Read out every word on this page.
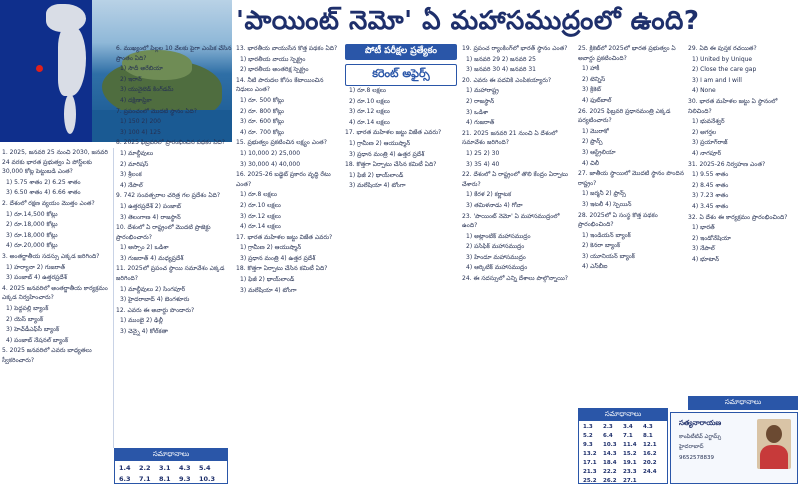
'పాయింట్ నెమో' ఏ మహాసముద్రంలో ఉంది?

1. 2025, జనవరి 25 నుంచి 2030, జనవరి 24 వరకు భారత ప్రభుత్వం ఏ పోస్ట్‌లకు 30,000 కోట్ల పెట్టుబడి ఎంత?

1) 5.75 శాతం 2) 6.25 శాతం

3) 6.50 శాతం 4) 6.66 శాతం

2. దేశంలో రక్షణ వ్యయం మొత్తం ఎంత?

1) రూ.14,500 కోట్లు

2) రూ.18,000 కోట్లు

3) రూ.18,000 కోట్లు

4) రూ.20,000 కోట్లు

3. అంతర్జాతీయ సదస్సు ఎక్కడ జరిగింది?

1) హర్యానా 2) గుజరాత్

3) పంజాబ్ 4) ఉత్తరప్రదేశ్

4. 2025 జనవరిలో అంతర్జాతీయ కార్యక్రమం ఎక్కడ నిర్వహించారు?

1) పెద్దపల్లి బ్యాంక్

2) యెస్ బ్యాంక్

3) హెచ్‌డీఎఫ్‌సీ బ్యాంక్

4) పంజాబ్ నేషనల్ బ్యాంక్

5. 2025 జనవరిలో ఎవరు బాధ్యతలు స్వీకరించారు?

సమాధానాలు
1.4 2.2 3.1 4.3 5.46.3 7.1 8.1 9.3 10.3

6. ముఖ్యంలో పిల్లల 10 వేలకు పైగా ఎంపిక చేసిన ప్రాంతం ఏది?

1) సౌదీ అరేబియా

2) ఇరాన్

3) యునైటెడ్ కింగ్‌డమ్

4) దక్షిణాఫ్రికా

7. ప్రపంచంలో మొదటి స్థానం ఏది?

1) 150 2) 200

3) 100 4) 125

8. 2025 ఫిబ్రవరిలో ప్రారంభించిన పథకం ఏది?

1) మాల్దీవులు

2) మారిషస్

3) శ్రీలంక

4) నేపాల్

9. 742 సంవత్సరాల చరిత్ర గల ప్రదేశం ఏది?

1) ఉత్తరప్రదేశ్ 2) పంజాబ్

3) తెలంగాణ 4) రాజస్థాన్

10. దేశంలో ఏ రాష్ట్రంలో మొదటి ప్రాజెక్టు ప్రారంభించారు?

1) అస్సాం 2) ఒడిశా

3) గుజరాత్ 4) మధ్యప్రదేశ్

11. 2025లో ప్రపంచ స్థాయి సమావేశం ఎక్కడ జరిగింది?

1) మాల్దీవులు 2) సింగపూర్

3) హైదరాబాద్ 4) బెంగళూరు

12. ఎవరు ఈ అవార్డు పొందారు?

1) ముంబై 2) ఢిల్లీ

3) చెన్నై 4) కోల్‌కతా

పోటీ పరీక్షల ప్రత్యేకం
కరెంట్ అఫైర్స్

13. భారతీయ వాయుసేన కొత్త పథకం ఏది?

1) భారతీయ వాయు స్పెక్ట్రం

2) భారతీయ అంతరిక్ష స్పెక్ట్రం

14. నీటి పారుదల కోసం కేటాయించిన నిధులు ఎంత?

1) రూ. 500 కోట్లు

2) రూ. 800 కోట్లు

3) రూ. 600 కోట్లు

4) రూ. 700 కోట్లు

15. ప్రభుత్వం ప్రకటించిన లక్ష్యం ఎంత?

1) 10,000 2) 25,000

3) 30,000 4) 40,000

16. 2025-26 బడ్జెట్ ప్రకారం వృద్ధి రేటు ఎంత?

1) రూ.8 లక్షలు

2) రూ.10 లక్షలు

3) రూ.12 లక్షలు

4) రూ.14 లక్షలు

17. భారత మహిళల జట్టు విజేత ఎవరు?

1) గ్రామీణ 2) ఆయుష్మాన్

3) ప్రధాన మంత్రి 4) ఉత్తర ప్రదేశ్

18. కొత్తగా ఏర్పాటు చేసిన కమిటీ ఏది?

1) ఫిజీ 2) థాయ్‌లాండ్

3) మలేషియా 4) టోంగా

1) రూ.8 లక్షలు

2) రూ.10 లక్షలు

3) రూ.12 లక్షలు

4) రూ.14 లక్షలు

17. భారత మహిళల జట్టు విజేత ఎవరు?

1) గ్రామీణ 2) ఆయుష్మాన్

3) ప్రధాన మంత్రి 4) ఉత్తర ప్రదేశ్

18. కొత్తగా ఏర్పాటు చేసిన కమిటీ ఏది?

1) ఫిజీ 2) థాయ్‌లాండ్

3) మలేషియా 4) టోంగా

19. ప్రపంచ ర్యాంకింగ్‌లో భారత్ స్థానం ఎంత?

1) జనవరి 29 2) జనవరి 25

3) జనవరి 30 4) జనవరి 31

20. ఎవరు ఈ పదవికి ఎంపికయ్యారు?

1) మహారాష్ట్ర

2) రాజస్థాన్

3) ఒడిశా

4) గుజరాత్

21. 2025 జనవరి 21 నుంచి ఏ దేశంలో సమావేశం జరిగింది?

1) 25 2) 30

3) 35 4) 40

22. దేశంలో ఏ రాష్ట్రంలో తొలి కేంద్రం ఏర్పాటు చేశారు?

1) కేరళ 2) కర్ణాటక

3) తమిళనాడు 4) గోవా

23. 'పాయింట్ నెమో' ఏ మహాసముద్రంలో ఉంది?

1) అట్లాంటిక్ మహాసముద్రం

2) పసిఫిక్ మహాసముద్రం

3) హిందూ మహాసముద్రం

4) ఆర్కిటిక్ మహాసముద్రం

24. ఈ సదస్సులో ఎన్ని దేశాలు పాల్గొన్నాయి?

25. క్రికెట్‌లో 2025లో భారత ప్రభుత్వం ఏ అవార్డు ప్రకటించింది?

1) హాకీ

2) టెన్నిస్

3) క్రికెట్

4) ఫుట్‌బాల్

26. 2025 ఫిబ్రవరి ప్రధానమంత్రి ఎక్కడ పర్యటించారు?

1) మొరాకో

2) ఫ్రాన్స్

3) ఆస్ట్రేలియా

4) చిలీ

27. జాతీయ స్థాయిలో మొదటి స్థానం పొందిన రాష్ట్రం?

1) జర్మనీ 2) ఫ్రాన్స్

3) ఇటలీ 4) స్పెయిన్

28. 2025లో ఏ సంస్థ కొత్త పథకం ప్రారంభించింది?

1) ఇండియన్ బ్యాంక్

2) కెనరా బ్యాంక్

3) యూనియన్ బ్యాంక్

4) ఎస్‌బీఐ

సమాధానాలు
1.3 2.3 3.4 4.35.2 6.4 7.1 8.19.3 10.3 11.4 12.113.2 14.3 15.2 16.217.1 18.4 19.1 20.221.3 22.2 23.3 24.425.2 26.2 27.1

29. ఏది ఈ పుస్తక రచయిత?

1) United by Unique

2) Close the care gap

3) I am and I will

4) None

30. భారత మహిళల జట్టు ఏ స్థానంలో నిలిచింది?

1) భువనేశ్వర్

2) అగర్తల

3) ప్రయాగ్‌రాజ్

4) నాగపూర్

31. 2025-26 నిర్వహణ ఎంత?

1) 9.55 శాతం

2) 8.45 శాతం

3) 7.23 శాతం

4) 3.45 శాతం

32. ఏ దేశం ఈ కార్యక్రమం ప్రారంభించింది?

1) భారత్

2) ఇండోనేషియా

3) నేపాల్

4) భూటాన్

సమాధానాలు
సత్యనారాయణ
కాంపిటీటివ్ ఎగ్జామ్స్
హైదరాబాద్
9652578839
